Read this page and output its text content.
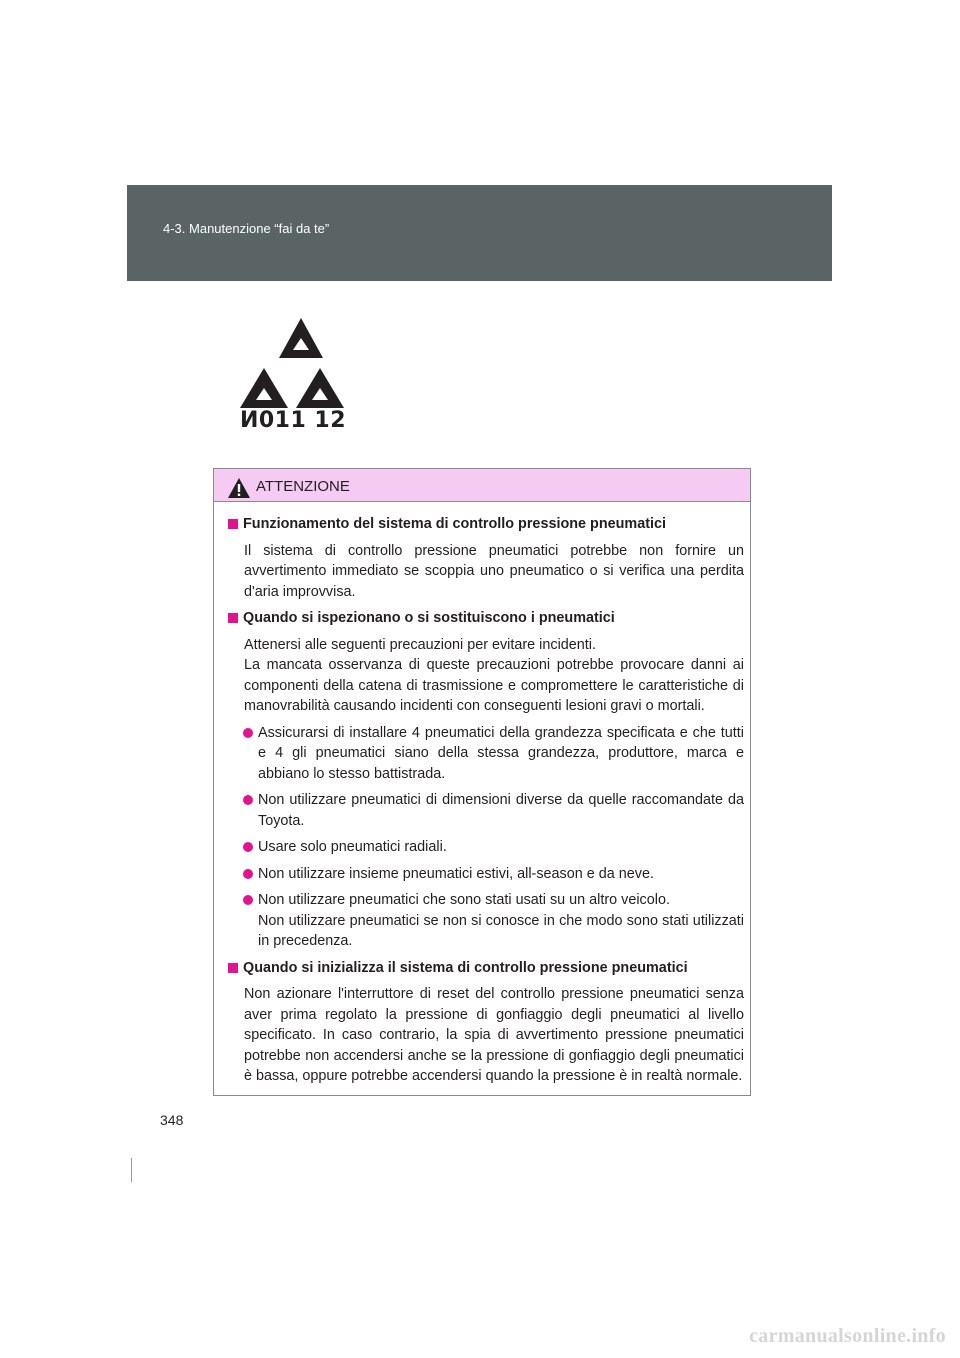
4-3. Manutenzione “fai da te”
И011 12
ATTENZIONE
Funzionamento del sistema di controllo pressione pneumatici
Il sistema di controllo pressione pneumatici potrebbe non fornire un avvertimento immediato se scoppia uno pneumatico o si verifica una perdita d'aria improvvisa.
Quando si ispezionano o si sostituiscono i pneumatici
Attenersi alle seguenti precauzioni per evitare incidenti.
La mancata osservanza di queste precauzioni potrebbe provocare danni ai componenti della catena di trasmissione e compromettere le caratteristiche di manovrabilità causando incidenti con conseguenti lesioni gravi o mortali.
Assicurarsi di installare 4 pneumatici della grandezza specificata e che tutti e 4 gli pneumatici siano della stessa grandezza, produttore, marca e abbiano lo stesso battistrada.
Non utilizzare pneumatici di dimensioni diverse da quelle raccomandate da Toyota.
Usare solo pneumatici radiali.
Non utilizzare insieme pneumatici estivi, all-season e da neve.
Non utilizzare pneumatici che sono stati usati su un altro veicolo.
Non utilizzare pneumatici se non si conosce in che modo sono stati utilizzati in precedenza.
Quando si inizializza il sistema di controllo pressione pneumatici
Non azionare l'interruttore di reset del controllo pressione pneumatici senza aver prima regolato la pressione di gonfiaggio degli pneumatici al livello specificato. In caso contrario, la spia di avvertimento pressione pneumatici potrebbe non accendersi anche se la pressione di gonfiaggio degli pneumatici è bassa, oppure potrebbe accendersi quando la pressione è in realtà normale.
348
carmanualsonline.info
